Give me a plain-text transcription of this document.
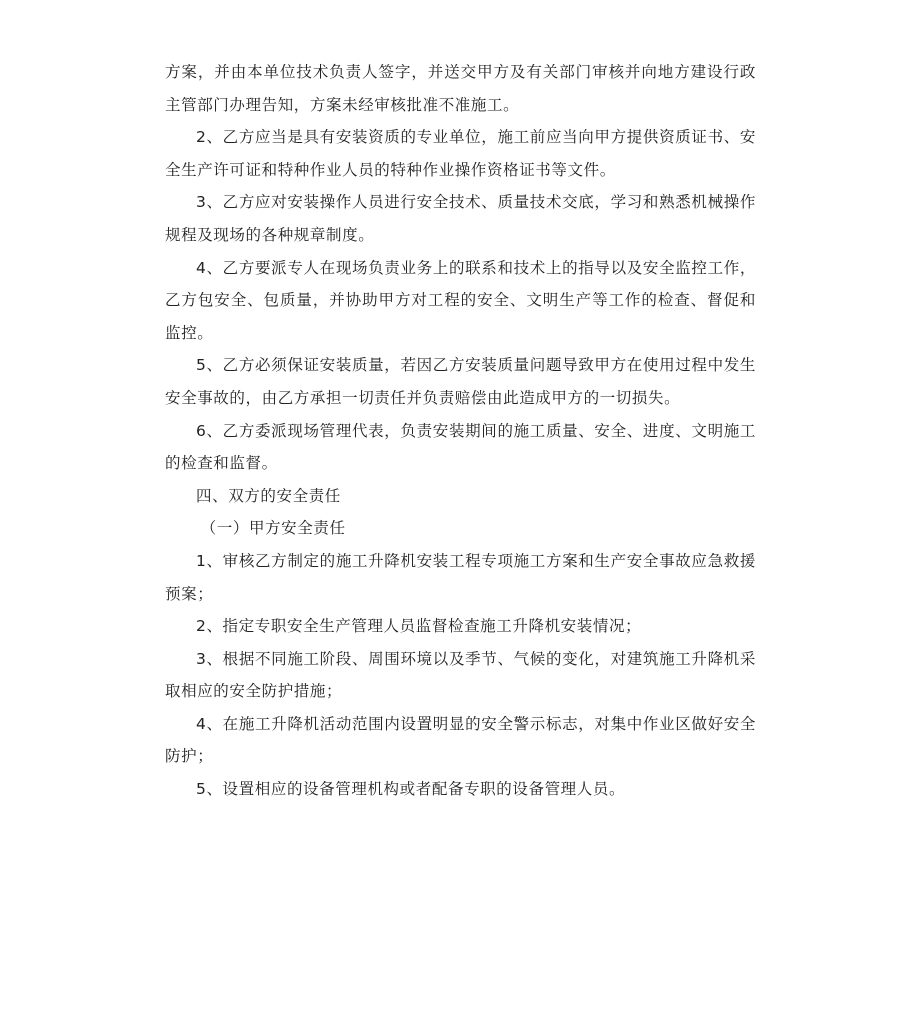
方案，并由本单位技术负责人签字，并送交甲方及有关部门审核并向地方建设行政主管部门办理告知，方案未经审核批准不准施工。

2、乙方应当是具有安装资质的专业单位，施工前应当向甲方提供资质证书、安全生产许可证和特种作业人员的特种作业操作资格证书等文件。

3、乙方应对安装操作人员进行安全技术、质量技术交底，学习和熟悉机械操作规程及现场的各种规章制度。

4、乙方要派专人在现场负责业务上的联系和技术上的指导以及安全监控工作，乙方包安全、包质量，并协助甲方对工程的安全、文明生产等工作的检查、督促和监控。

5、乙方必须保证安装质量，若因乙方安装质量问题导致甲方在使用过程中发生安全事故的，由乙方承担一切责任并负责赔偿由此造成甲方的一切损失。

6、乙方委派现场管理代表，负责安装期间的施工质量、安全、进度、文明施工的检查和监督。

四、双方的安全责任

（一）甲方安全责任

1、审核乙方制定的施工升降机安装工程专项施工方案和生产安全事故应急救援预案；

2、指定专职安全生产管理人员监督检查施工升降机安装情况；

3、根据不同施工阶段、周围环境以及季节、气候的变化，对建筑施工升降机采取相应的安全防护措施；

4、在施工升降机活动范围内设置明显的安全警示标志，对集中作业区做好安全防护；

5、设置相应的设备管理机构或者配备专职的设备管理人员。
